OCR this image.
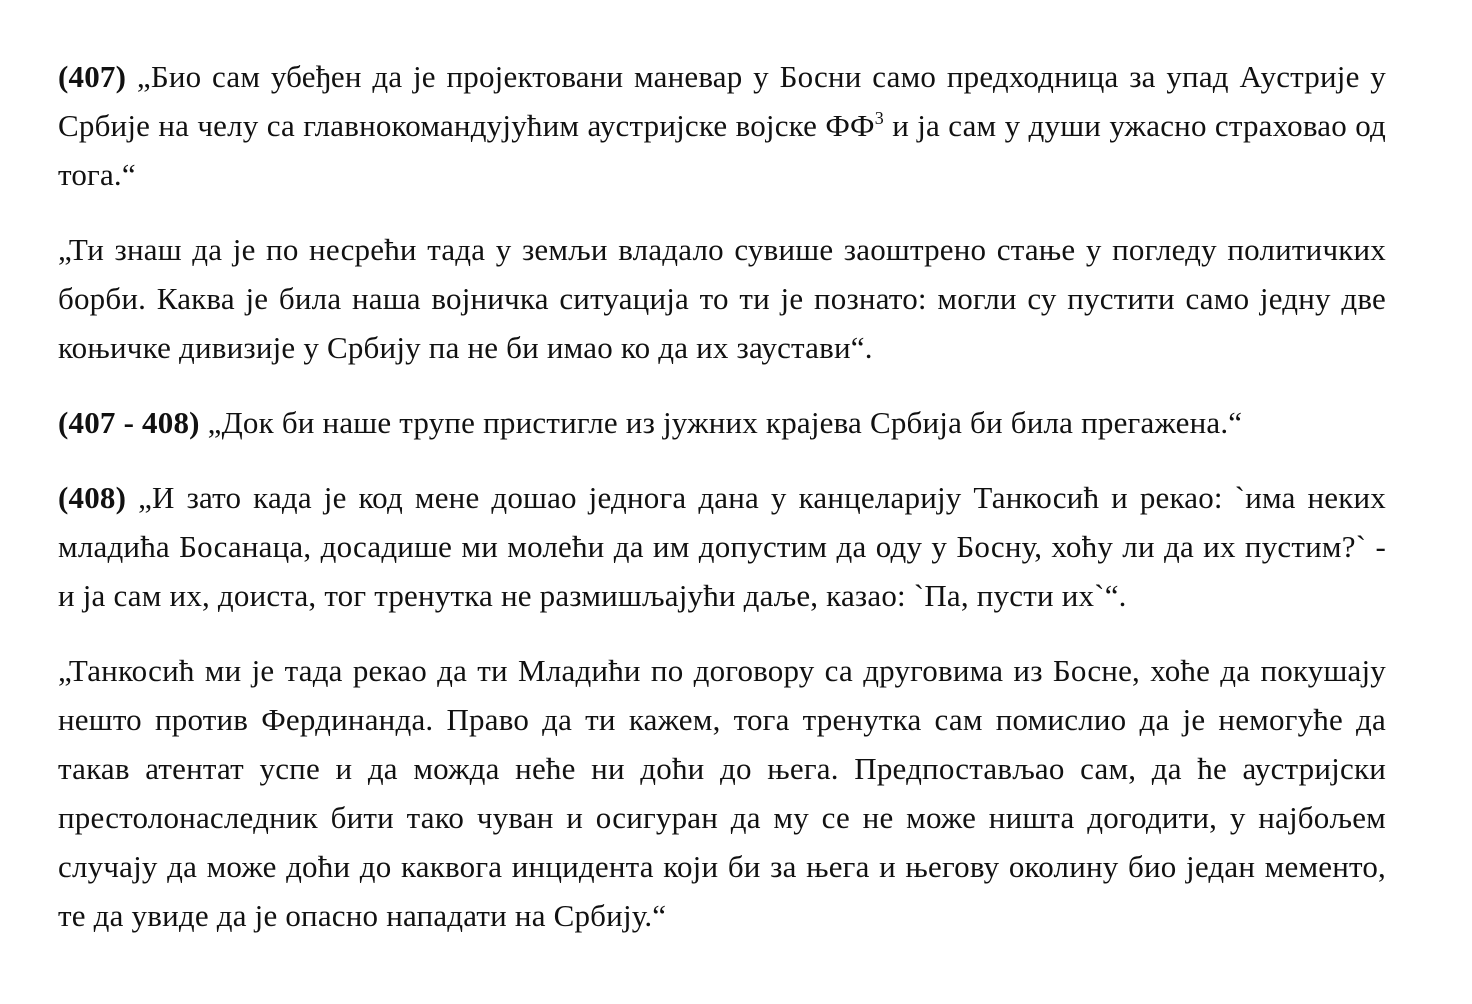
(407) „Био сам убеђен да је пројектовани маневар у Босни само предходница за упад Аустрије у Србије на челу са главнокомандујућим аустријске војске $ФФ^3$ и ја сам у души ужасно страховао од тога.“

„Ти знаш да је по несрећи тада у земљи владало сувише заоштрено стање у погледу политичких борби. Каква је била наша војничка ситуација то ти је познато: могли су пустити само једну две коњичке дивизије у Србију па не би имао ко да их заустави“.

(407 - 408) „Док би наше трупе пристигле из јужних крајева Србија би била прегажена.“

(408) „И зато када је код мене дошао једнога дана у канцеларију Танкосић и рекао: `има неких младића Босанаца, досадише ми молећи да им допустим да оду у Босну, хоћу ли да их пустим?` - и ја сам их, доиста, тог тренутка не размишљајући даље, казао: `Па, пусти их`“.

„Танкосић ми је тада рекао да ти Младићи по договору са друговима из Босне, хоће да покушају нешто против Фердинанда. Право да ти кажем, тога тренутка сам помислио да је немогуће да такав атентат успе и да можда неће ни доћи до њега. Предпостављао сам, да ће аустријски престолонаследник бити тако чуван и осигуран да му се не може ништа догодити, у најбољем случају да може доћи до каквога инцидента који би за њега и његову околину био један мементо, те да увиде да је опасно нападати на Србију.“
